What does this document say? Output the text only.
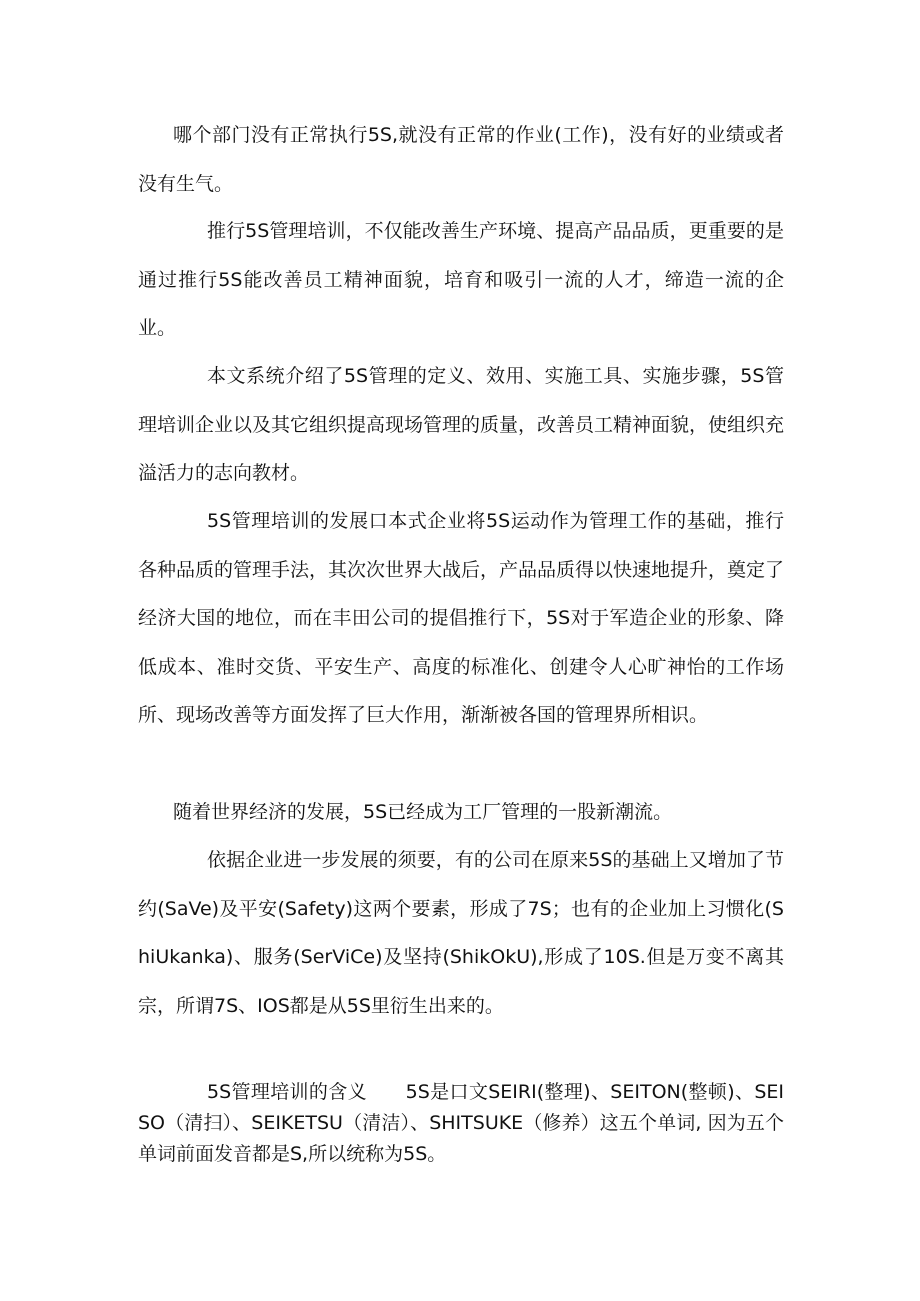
哪个部门没有正常执行5S,就没有正常的作业(工作)，没有好的业绩或者没有生气。

推行5S管理培训，不仅能改善生产环境、提高产品品质，更重要的是通过推行5S能改善员工精神面貌，培育和吸引一流的人才，缔造一流的企业。

本文系统介绍了5S管理的定义、效用、实施工具、实施步骤，5S管理培训企业以及其它组织提高现场管理的质量，改善员工精神面貌，使组织充溢活力的志向教材。

5S管理培训的发展口本式企业将5S运动作为管理工作的基础，推行各种品质的管理手法，其次次世界大战后，产品品质得以快速地提升，奠定了经济大国的地位，而在丰田公司的提倡推行下，5S对于军造企业的形象、降低成本、准时交货、平安生产、高度的标准化、创建令人心旷神怡的工作场所、现场改善等方面发挥了巨大作用，渐渐被各国的管理界所相识。

随着世界经济的发展，5S已经成为工厂管理的一股新潮流。

依据企业进一步发展的须要，有的公司在原来5S的基础上又增加了节约(SaVe)及平安(Safety)这两个要素，形成了7S；也有的企业加上习惯化(ShiUkanka)、服务(SerViCe)及坚持(ShikOkU),形成了10S.但是万变不离其宗，所谓7S、IOS都是从5S里衍生出来的。

5S管理培训的含义　　5S是口文SEIRI(整理)、SEITON(整顿)、SEISO（清扫）、SEIKETSU（清洁）、SHITSUKE（修养）这五个单词, 因为五个单词前面发音都是S,所以统称为5S。
